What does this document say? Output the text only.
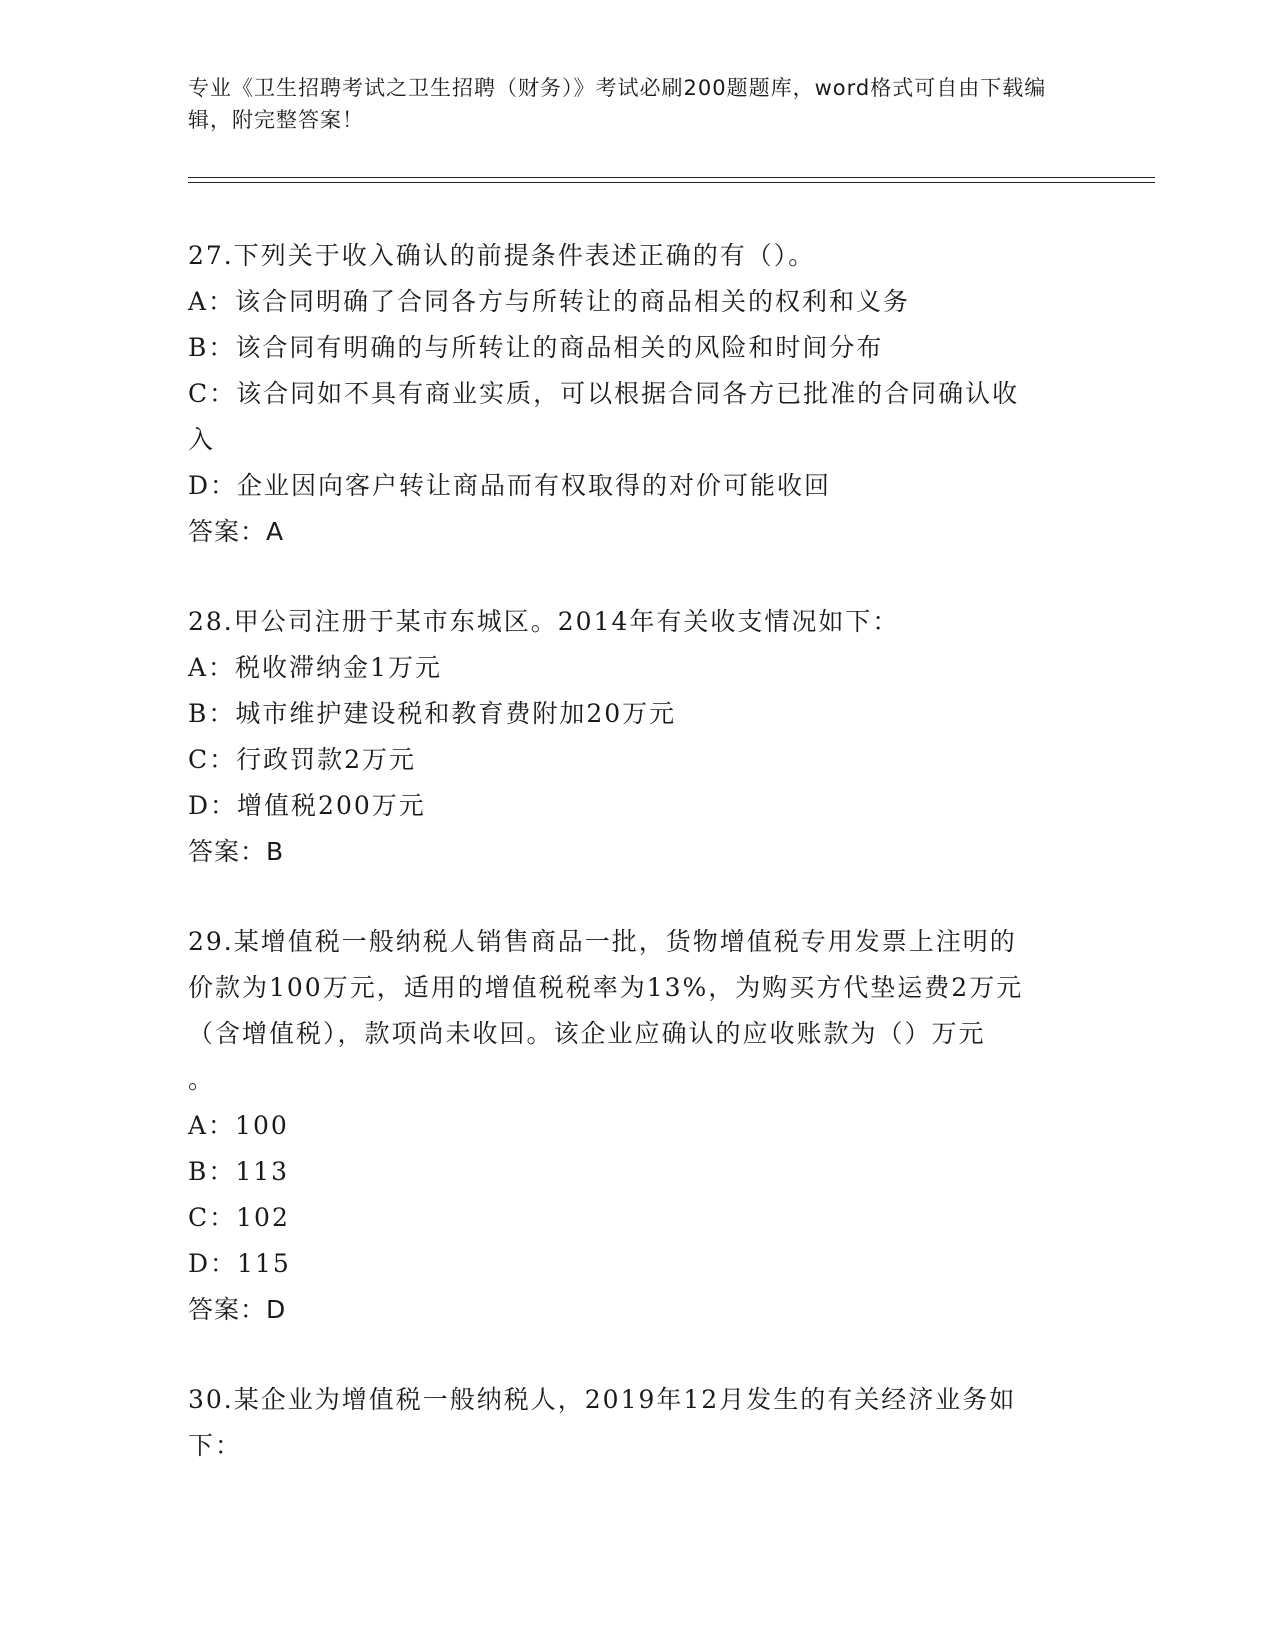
专业《卫生招聘考试之卫生招聘（财务）》考试必刷200题题库，word格式可自由下载编辑，附完整答案！
27.下列关于收入确认的前提条件表述正确的有（）。
A：该合同明确了合同各方与所转让的商品相关的权利和义务
B：该合同有明确的与所转让的商品相关的风险和时间分布
C：该合同如不具有商业实质，可以根据合同各方已批准的合同确认收
入
D：企业因向客户转让商品而有权取得的对价可能收回
答案：A
28.甲公司注册于某市东城区。2014年有关收支情况如下：
A：税收滞纳金1万元
B：城市维护建设税和教育费附加20万元
C：行政罚款2万元
D：增值税200万元
答案：B
29.某增值税一般纳税人销售商品一批，货物增值税专用发票上注明的
价款为100万元，适用的增值税税率为13%，为购买方代垫运费2万元
（含增值税），款项尚未收回。该企业应确认的应收账款为（）万元
。
A：100
B：113
C：102
D：115
答案：D
30.某企业为增值税一般纳税人，2019年12月发生的有关经济业务如
下：
